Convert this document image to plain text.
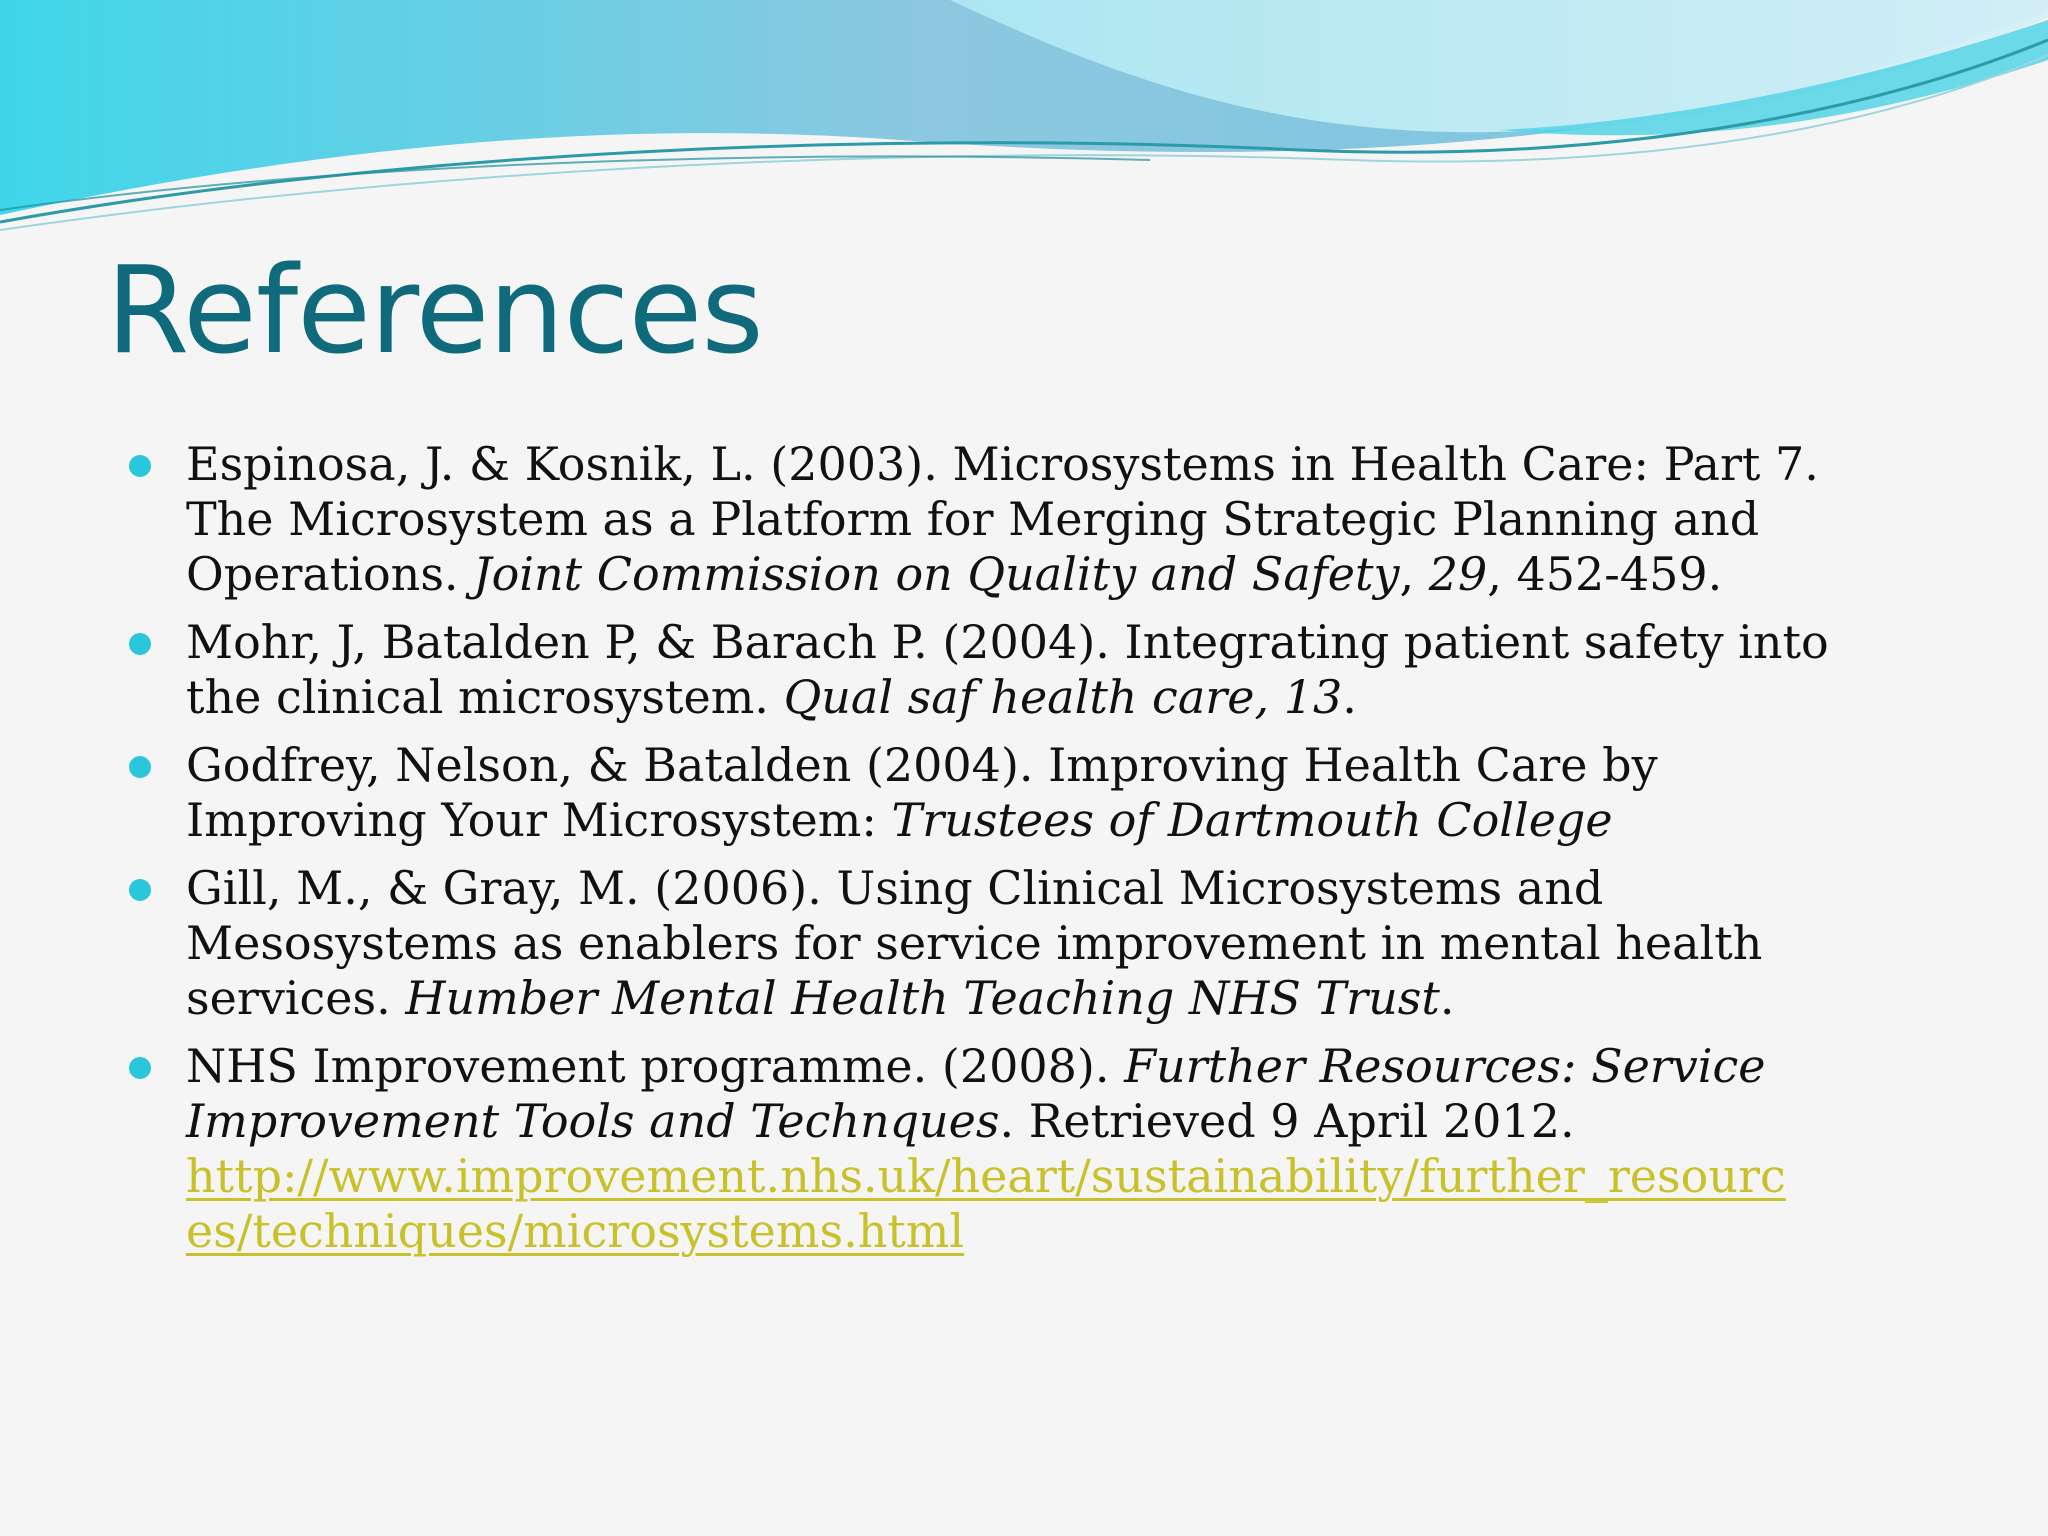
References
Espinosa, J. & Kosnik, L. (2003). Microsystems in Health Care: Part 7.
The Microsystem as a Platform for Merging Strategic Planning and
Operations. Joint Commission on Quality and Safety, 29, 452-459.
Mohr, J, Batalden P, & Barach P. (2004). Integrating patient safety into
the clinical microsystem. Qual saf health care, 13.
Godfrey, Nelson, & Batalden (2004). Improving Health Care by
Improving Your Microsystem: Trustees of Dartmouth College
Gill, M., & Gray, M. (2006). Using Clinical Microsystems and
Mesosystems as enablers for service improvement in mental health
services. Humber Mental Health Teaching NHS Trust.
NHS Improvement programme. (2008). Further Resources: Service
Improvement Tools and Technques. Retrieved 9 April 2012.
http://www.improvement.nhs.uk/heart/sustainability/further_resourc
es/techniques/microsystems.html
